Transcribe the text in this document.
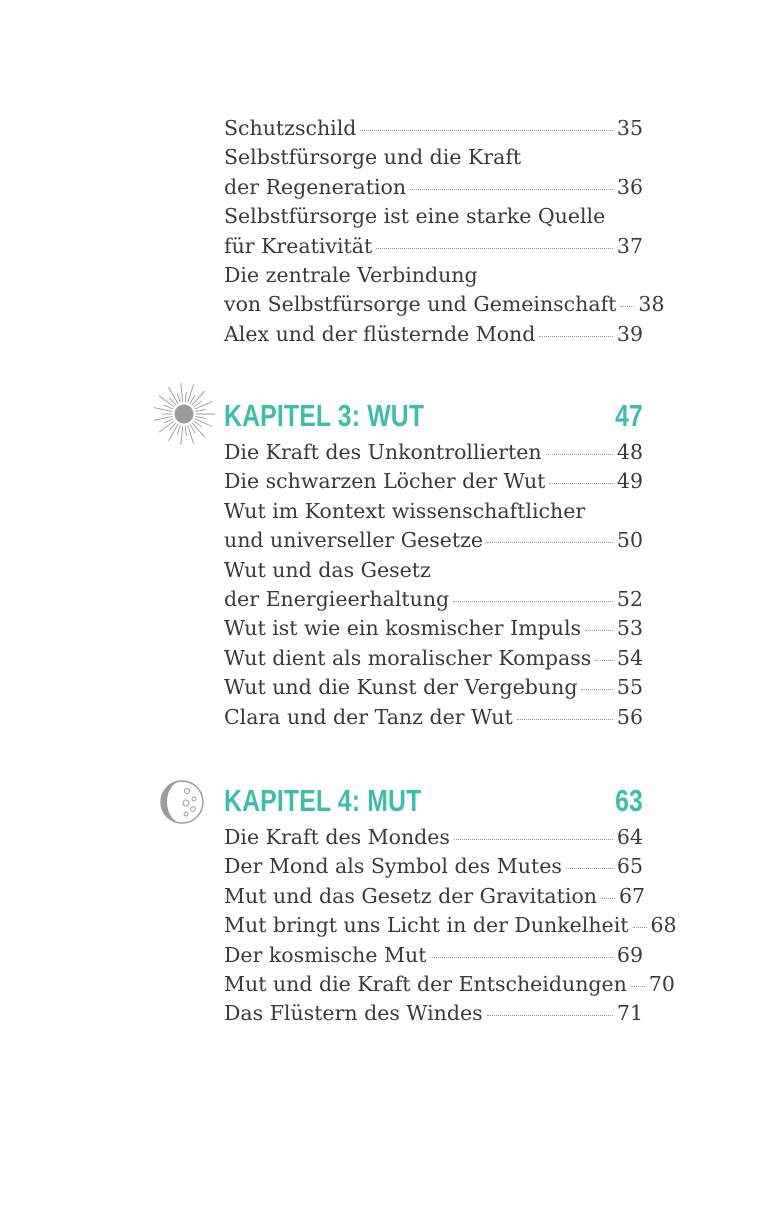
Schutzschild	35
Selbstfürsorge und die Kraft
der Regeneration	36
Selbstfürsorge ist eine starke Quelle
für Kreativität	37
Die zentrale Verbindung
von Selbstfürsorge und Gemeinschaft 38
Alex und der flüsternde Mond	39
KAPITEL 3: WUT	47
Die Kraft des Unkontrollierten	48
Die schwarzen Löcher der Wut	49
Wut im Kontext wissenschaftlicher
und universeller Gesetze	50
Wut und das Gesetz
der Energieerhaltung	52
Wut ist wie ein kosmischer Impuls 53
Wut dient als moralischer Kompass 54
Wut und die Kunst der Vergebung 55
Clara und der Tanz der Wut	56
KAPITEL 4: MUT	63
Die Kraft des Mondes	64
Der Mond als Symbol des Mutes	65
Mut und das Gesetz der Gravitation 67
Mut bringt uns Licht in der Dunkelheit 68
Der kosmische Mut	69
Mut und die Kraft der Entscheidungen 70
Das Flüstern des Windes	71
